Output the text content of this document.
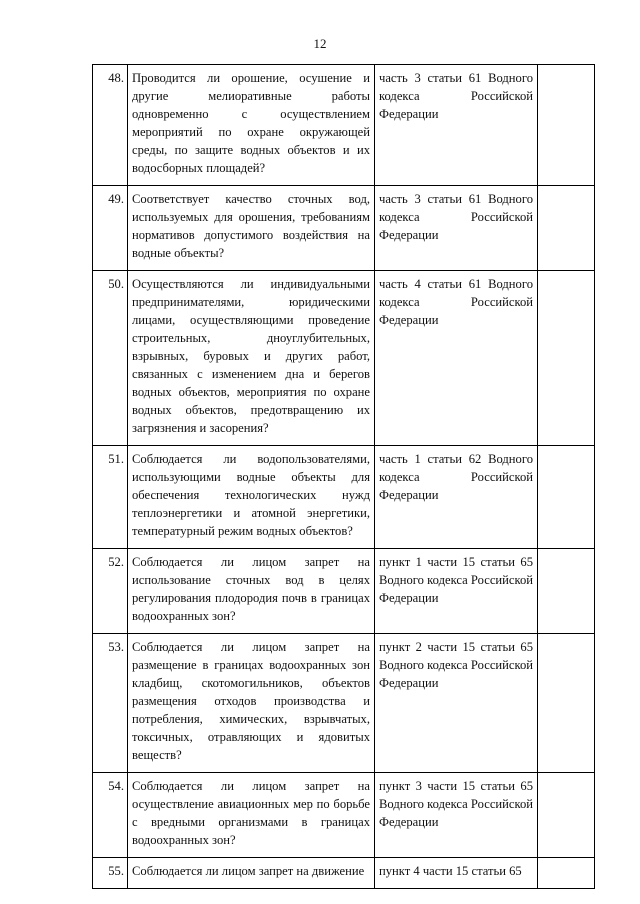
12
48.	Проводится ли орошение, осушение и другие мелиоративные работы одновременно с осуществлением мероприятий по охране окружающей среды, по защите водных объектов и их водосборных площадей?	часть 3 статьи 61 Водного кодекса Российской Федерации	
49.	Соответствует качество сточных вод, используемых для орошения, требованиям нормативов допустимого воздействия на водные объекты?	часть 3 статьи 61 Водного кодекса Российской Федерации	
50.	Осуществляются ли индивидуальными предпринимателями, юридическими лицами, осуществляющими проведение строительных, дноуглубительных, взрывных, буровых и других работ, связанных с изменением дна и берегов водных объектов, мероприятия по охране водных объектов, предотвращению их загрязнения и засорения?	часть 4 статьи 61 Водного кодекса Российской Федерации	
51.	Соблюдается ли водопользователями, использующими водные объекты для обеспечения технологических нужд теплоэнергетики и атомной энергетики, температурный режим водных объектов?	часть 1 статьи 62 Водного кодекса Российской Федерации	
52.	Соблюдается ли лицом запрет на использование сточных вод в целях регулирования плодородия почв в границах водоохранных зон?	пункт 1 части 15 статьи 65 Водного кодекса Российской Федерации	
53.	Соблюдается ли лицом запрет на размещение в границах водоохранных зон кладбищ, скотомогильников, объектов размещения отходов производства и потребления, химических, взрывчатых, токсичных, отравляющих и ядовитых веществ?	пункт 2 части 15 статьи 65 Водного кодекса Российской Федерации	
54.	Соблюдается ли лицом запрет на осуществление авиационных мер по борьбе с вредными организмами в границах водоохранных зон?	пункт 3 части 15 статьи 65 Водного кодекса Российской Федерации	
55.	Соблюдается ли лицом запрет на движение	пункт 4 части 15 статьи 65	
